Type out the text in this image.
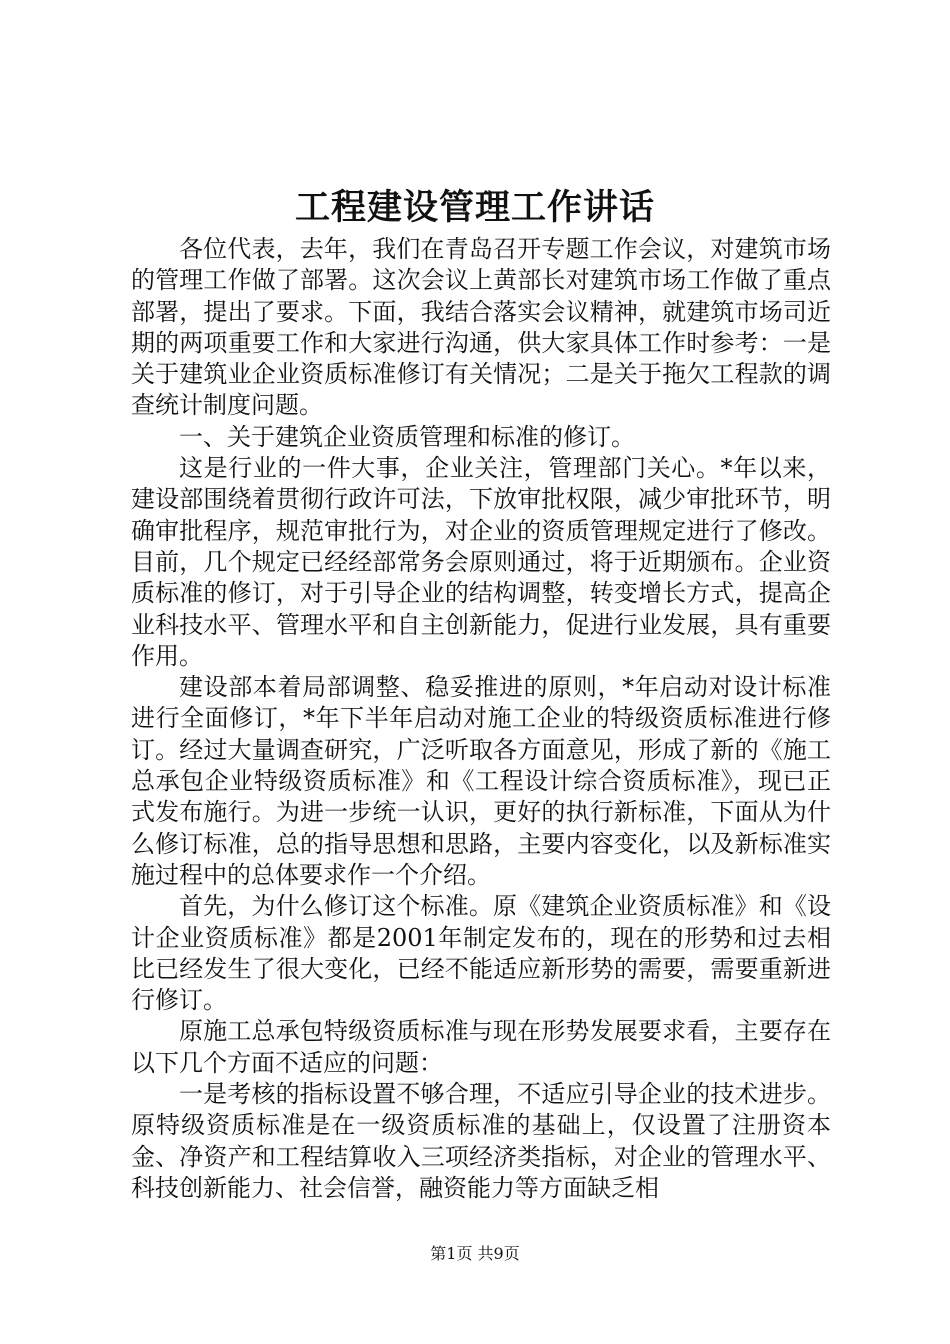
工程建设管理工作讲话

各位代表，去年，我们在青岛召开专题工作会议，对建筑市场的管理工作做了部署。这次会议上黄部长对建筑市场工作做了重点部署，提出了要求。下面，我结合落实会议精神，就建筑市场司近期的两项重要工作和大家进行沟通，供大家具体工作时参考：一是关于建筑业企业资质标准修订有关情况；二是关于拖欠工程款的调查统计制度问题。

一、关于建筑企业资质管理和标准的修订。

这是行业的一件大事，企业关注，管理部门关心。*年以来，建设部围绕着贯彻行政许可法，下放审批权限，减少审批环节，明确审批程序，规范审批行为，对企业的资质管理规定进行了修改。目前，几个规定已经经部常务会原则通过，将于近期颁布。企业资质标准的修订，对于引导企业的结构调整，转变增长方式，提高企业科技水平、管理水平和自主创新能力，促进行业发展，具有重要作用。

建设部本着局部调整、稳妥推进的原则，*年启动对设计标准进行全面修订，*年下半年启动对施工企业的特级资质标准进行修订。经过大量调查研究，广泛听取各方面意见，形成了新的《施工总承包企业特级资质标准》和《工程设计综合资质标准》，现已正式发布施行。为进一步统一认识，更好的执行新标准，下面从为什么修订标准，总的指导思想和思路，主要内容变化，以及新标准实施过程中的总体要求作一个介绍。

首先，为什么修订这个标准。原《建筑企业资质标准》和《设计企业资质标准》都是2001年制定发布的，现在的形势和过去相比已经发生了很大变化，已经不能适应新形势的需要，需要重新进行修订。

原施工总承包特级资质标准与现在形势发展要求看，主要存在以下几个方面不适应的问题：

一是考核的指标设置不够合理，不适应引导企业的技术进步。原特级资质标准是在一级资质标准的基础上，仅设置了注册资本金、净资产和工程结算收入三项经济类指标，对企业的管理水平、科技创新能力、社会信誉，融资能力等方面缺乏相

第1页 共9页
